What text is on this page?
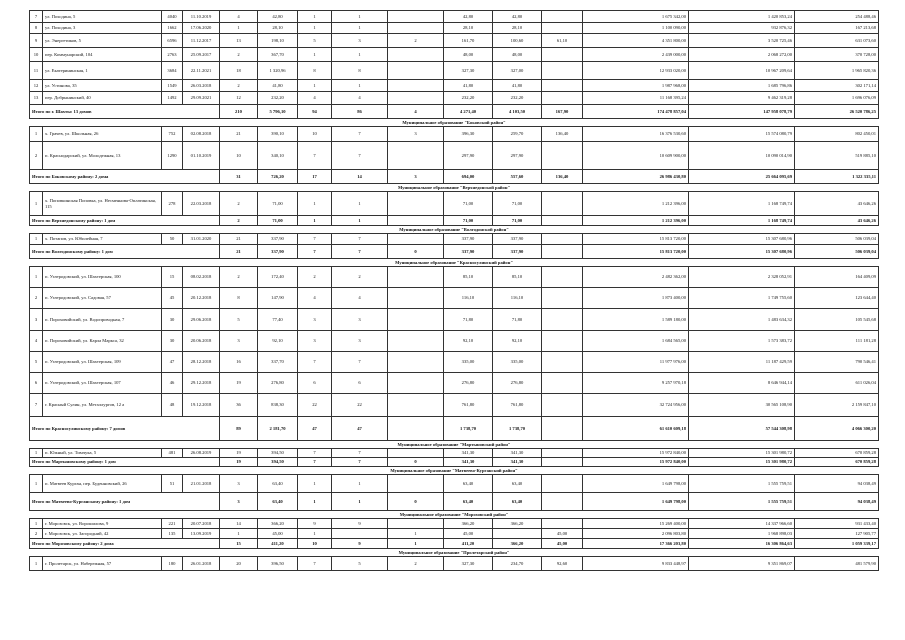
7	ул. Походина, 5	4040	11.10.2019	4	42,80	1	1		42,80	42,80		1 675 342,00	1 420 853,24	254 488,46
8	ул. Походина, 3	1662	17.06.2020	1	28,10	1	1		28,10	28,10		1 100 090,00	932 876,32	167 213,68
9	ул. Энергетиков, 5	6596	11.12.2017	13	198,10	5	3	2	161,70	100,60	61,10	4 351 800,00	3 520 725,46	631 073,60
10	пер. Коммунарский, 104	2763	25.09.2017	2	367,70	1	1		48,00	48,00		2 439 000,00	2 068 272,00	370 728,00
11	ул. Екатерининская, 1	3684	22.11.2021	18	1 320,96	8	8		327,30	327,00		12 933 020,00	10 967 209,64	1 965 820,36
12	ул. Устинова, 35	1549	26.03.2018	2	41,80	1	1		41,80	41,80		1 987 968,00	1 685 796,86	302 171,14
13	пер. Добрынинский, 40	1492	29.09.2021	12	232,20	4	4		232,20	232,20		11 168 395,24	9 462 319,28	1 696 076,09
Итого по г. Шахты: 13 домов				210	5 796,10	94	86	4	4 271,40	4 103,50	167,90	174 478 857,04	147 958 078,79	26 520 786,25
Муниципальное образование "Боковский район"														
1	х. Грачев, ул. Школьная, 26	752	02.08.2018	21	390,10	10	7	3	396,30	259,70	136,40	16 376 530,60	15 574 080,79	802 450,01
2	п. Краснодарский, ул. Молодежная, 13	1290	01.10.2019	10	340,10	7	7		297,90	297,90		10 609 900,00	10 090 014,90	519 885,10
Итого по Боковскому району: 2 дома				31	726,20	17	14	3	694,00	557,60	136,40	26 986 430,80	25 664 095,69	1 322 335,11
Муниципальное образование "Верхнедонской район"														
1	х. Поповкинская Поповка, ул. Несмеянова-Оплатинская, 115	278	22.03.2018	2	71,00	1	1		71,00	71,00		1 212 396,00	1 168 749,74	43 646,26
Итого по Верхнедонскому району: 1 дом				2	71,00	1	1		71,00	71,00		1 212 396,00	1 168 749,74	43 646,26
Муниципальное образование "Волгодонской район"														
1	х. Потапов, ул. Юбилейная, 7	50	31.01.2020	21	337,90	7	7		337,90	337,90		15 813 720,00	15 307 680,96	506 039,04
Итого по Волгодонскому району: 1 дом				21	337,90	7	7	0	337,90	337,90		15 813 720,00	15 307 680,96	506 039,04
Муниципальное образование "Красносулинский район"														
1	п. Углеродовский, ул. Шахтерская, 100	15	08.02.2018	2	172,40	2	2		85,10	85,10		2 482 362,00	2 328 052,91	164 409,09
2	п. Углеродовский, ул. Садовая, 57	45	20.12.2018	8	147,90	4	4		116,10	116,10		1 873 400,00	1 749 755,60	123 644,40
3	п. Пороховийский, ул. Водопроводная, 7	30	29.06.2018	5	77,40	3	3		71,80	71,80		1 589 180,00	1 483 634,32	105 545,68
4	п. Пороховийский, ул. Карла Маркса, 32	30	20.06.2018	3	92,10	3	3		92,10	92,10		1 684 565,00	1 573 383,72	111 181,28
5	п. Углеродовский, ул. Шахтерская, 109	47	28.12.2018	16	337,70	7	7		335,00	335,00		11 977 976,00	11 187 429,59	790 546,41
6	п. Углеродовский, ул. Шахтерская, 107	46	29.12.2018	19	276,80	6	6		276,80	276,80		9 257 970,18	8 646 944,14	611 026,04
7	г. Красный Сулин, ул. Металлургов, 12 а	48	19.12.2018	36	838,30	22	22		761,80	761,80		32 724 956,00	30 565 108,90	2 159 847,10
Итого по Красносулинскому району: 7 домов				89	2 181,70	47	47		1 738,70	1 738,70		61 610 609,18	57 544 308,98	4 066 300,20
Муниципальное образование "Мартыновский район"														
1	п. Южный, ул. Тимчука, 5	481	26.08.2019	19	394,50	7	7		341,30	341,30		15 972 840,00	15 301 980,72	670 859,28
Итого по Мартыновскому району: 1 дом				19	394,50	7	7	0	341,30	341,30		15 972 840,00	15 301 980,72	670 859,28
Муниципальное образование "Матвеево-Курганский район"														
1	п. Матвеев Курган, пер. Буденновский, 26	51	21.01.2018	3	63,40	1	1		63,40	63,40		1 649 798,00	1 555 759,51	94 038,49
Итого по Матвеево-Курганскому району: 1 дом				3	63,40	1	1	0	63,40	63,40		1 649 798,00	1 555 759,51	94 038,49
Муниципальное образование "Морозовский район"														
1	г. Морозовск, ул. Ворошилова, 9	221	20.07.2018	14	366,20	9	9		366,20	366,20		15 269 400,00	14 337 966,60	931 433,40
2	г. Морозовск, ул. Загородний, 42	135	13.09.2019	1	45,00	1		1	45,00		45,00	2 096 803,80	1 968 898,03	127 905,77
Итого по Морозовскому району: 2 дома				15	411,20	10	9	1	411,20	366,20	45,00	17 366 203,80	16 306 864,63	1 059 339,17
Муниципальное образование "Пролетарский район"														
1	г. Пролетарск, ул. Набережная, 57	180	26.01.2018	20	396,50	7	5	2	327,30	234,70	92,60	9 833 448,97	9 351 869,07	481 579,90
